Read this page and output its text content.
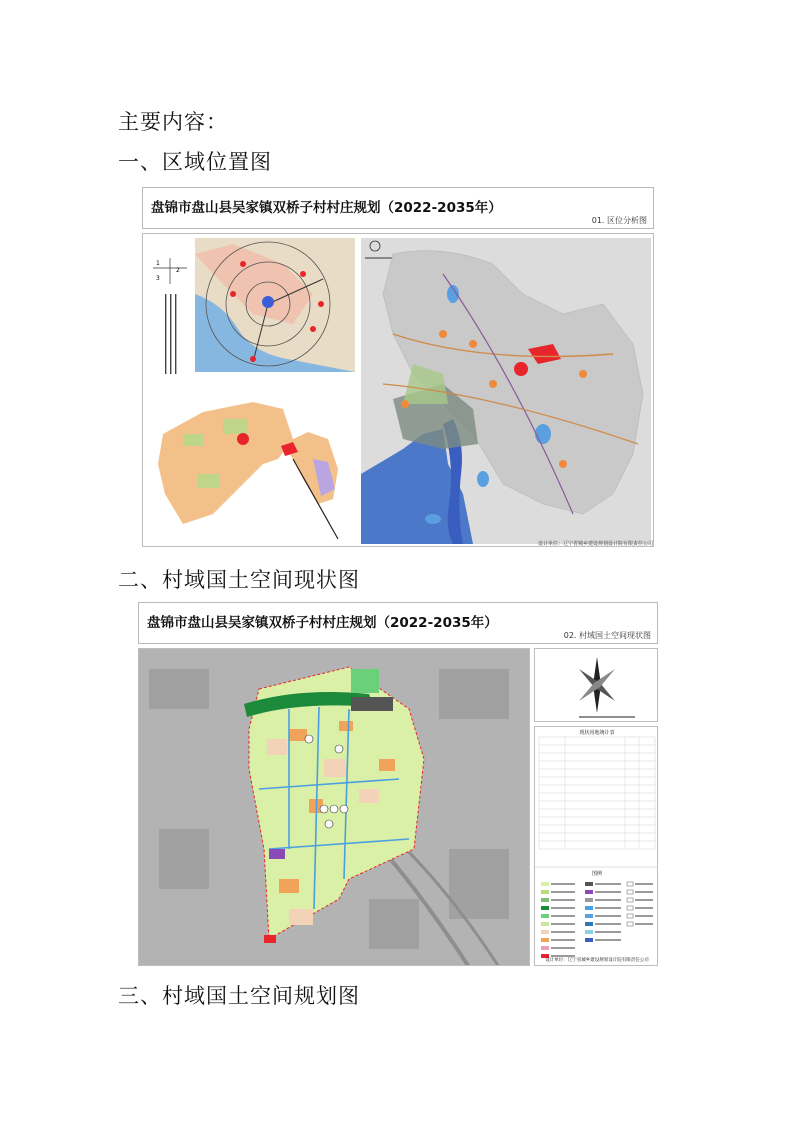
主要内容：
一、区域位置图
盘锦市盘山县吴家镇双桥子村村庄规划（2022-2035年）
01. 区位分析图
1
3
2
设计单位：辽宁省城乡建设规划设计院有限责任公司
二、村域国土空间现状图
盘锦市盘山县吴家镇双桥子村村庄规划（2022-2035年）
02. 村域国土空间现状图
现状用地统计表
图例
设计单位：辽宁省城乡建设规划设计院有限责任公司
三、村域国土空间规划图
